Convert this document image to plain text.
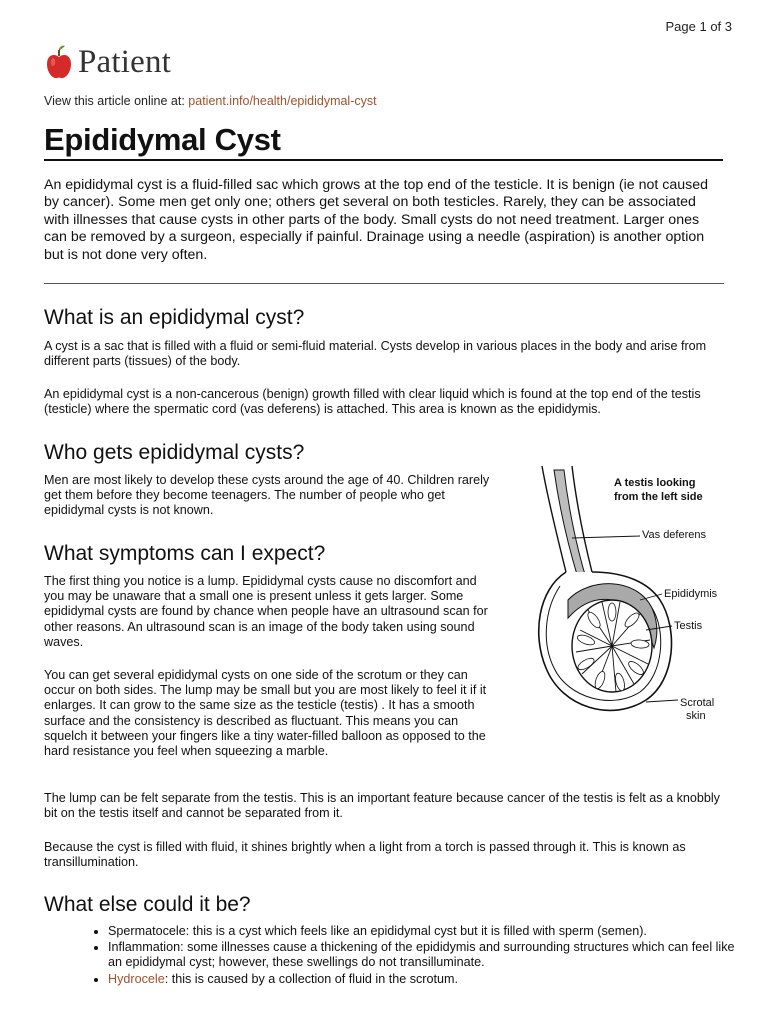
Page 1 of 3
Patient
View this article online at: patient.info/health/epididymal-cyst
Epididymal Cyst

An epididymal cyst is a fluid-filled sac which grows at the top end of the testicle. It is benign (ie not caused by cancer). Some men get only one; others get several on both testicles. Rarely, they can be associated with illnesses that cause cysts in other parts of the body. Small cysts do not need treatment. Larger ones can be removed by a surgeon, especially if painful. Drainage using a needle (aspiration) is another option but is not done very often.

What is an epididymal cyst?

A cyst is a sac that is filled with a fluid or semi-fluid material. Cysts develop in various places in the body and arise from different parts (tissues) of the body.

An epididymal cyst is a non-cancerous (benign) growth filled with clear liquid which is found at the top end of the testis (testicle) where the spermatic cord (vas deferens) is attached. This area is known as the epididymis.

Who gets epididymal cysts?

Men are most likely to develop these cysts around the age of 40. Children rarely get them before they become teenagers. The number of people who get epididymal cysts is not known.

What symptoms can I expect?

The first thing you notice is a lump. Epididymal cysts cause no discomfort and you may be unaware that a small one is present unless it gets larger. Some epididymal cysts are found by chance when people have an ultrasound scan for other reasons. An ultrasound scan is an image of the body taken using sound waves.

You can get several epididymal cysts on one side of the scrotum or they can occur on both sides. The lump may be small but you are most likely to feel it if it enlarges. It can grow to the same size as the testicle (testis) . It has a smooth surface and the consistency is described as fluctuant. This means you can squelch it between your fingers like a tiny water-filled balloon as opposed to the hard resistance you feel when squeezing a marble.

The lump can be felt separate from the testis. This is an important feature because cancer of the testis is felt as a knobbly bit on the testis itself and cannot be separated from it.

Because the cyst is filled with fluid, it shines brightly when a light from a torch is passed through it. This is known as transillumination.

What else could it be?
• Spermatocele: this is a cyst which feels like an epididymal cyst but it is filled with sperm (semen).
• Inflammation: some illnesses cause a thickening of the epididymis and surrounding structures which can feel like an epididymal cyst; however, these swellings do not transilluminate.
• Hydrocele: this is caused by a collection of fluid in the scrotum.
A testis looking
from the left side
Vas deferens
Epididymis
Testis
Scrotal
skin
